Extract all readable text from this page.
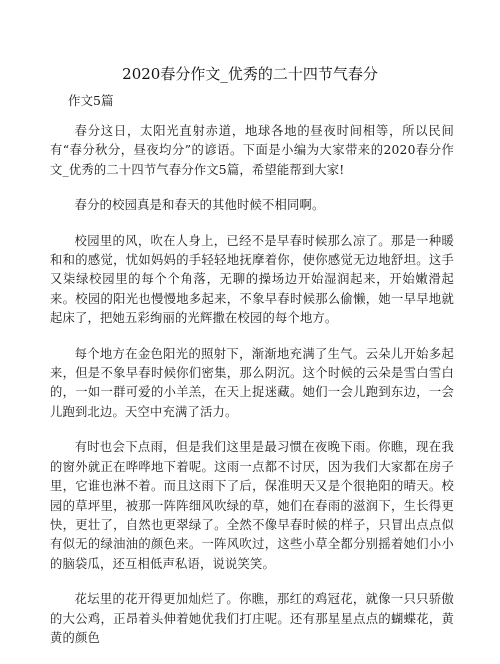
2020春分作文_优秀的二十四节气春分
作文5篇

春分这日，太阳光直射赤道，地球各地的昼夜时间相等，所以民间有“春分秋分，昼夜均分”的谚语。下面是小编为大家带来的2020春分作文_优秀的二十四节气春分作文5篇，希望能帮到大家!

春分的校园真是和春天的其他时候不相同啊。

校园里的风，吹在人身上，已经不是早春时候那么凉了。那是一种暖和和的感觉，忧如妈妈的手轻轻地抚摩着你，使你感觉无边地舒坦。这手又柒绿校园里的每个个角落，无聊的操场边开始湿润起来，开始嫩滑起来。校园的阳光也慢慢地多起来，不象早春时候那么偷懒，她一早早地就起床了，把她五彩绚丽的光辉撒在校园的每个地方。

每个地方在金色阳光的照射下，渐渐地充满了生气。云朵儿开始多起来，但是不象早春时候你们密集，那么阴沉。这个时候的云朵是雪白雪白的，一如一群可爱的小羊羔，在天上捉迷藏。她们一会儿跑到东边，一会儿跑到北边。天空中充满了活力。

有时也会下点雨，但是我们这里是最习惯在夜晚下雨。你瞧，现在我的窗外就正在哗哗地下着呢。这雨一点都不讨厌，因为我们大家都在房子里，它谁也淋不着。而且这雨下了后，保准明天又是个很艳阳的晴天。校园的草坪里，被那一阵阵细风吹绿的草，她们在春雨的滋润下，生长得更快，更壮了，自然也更翠绿了。全然不像早春时候的样子，只冒出点点似有似无的绿油油的颜色来。一阵风吹过，这些小草全都分别摇着她们小小的脑袋瓜，还互相低声私语，说说笑笑。

花坛里的花开得更加灿烂了。你瞧，那红的鸡冠花，就像一只只骄傲的大公鸡，正昂着头伸着她优我们打庄呢。还有那星星点点的蝴蝶花，黄黄的颜色
